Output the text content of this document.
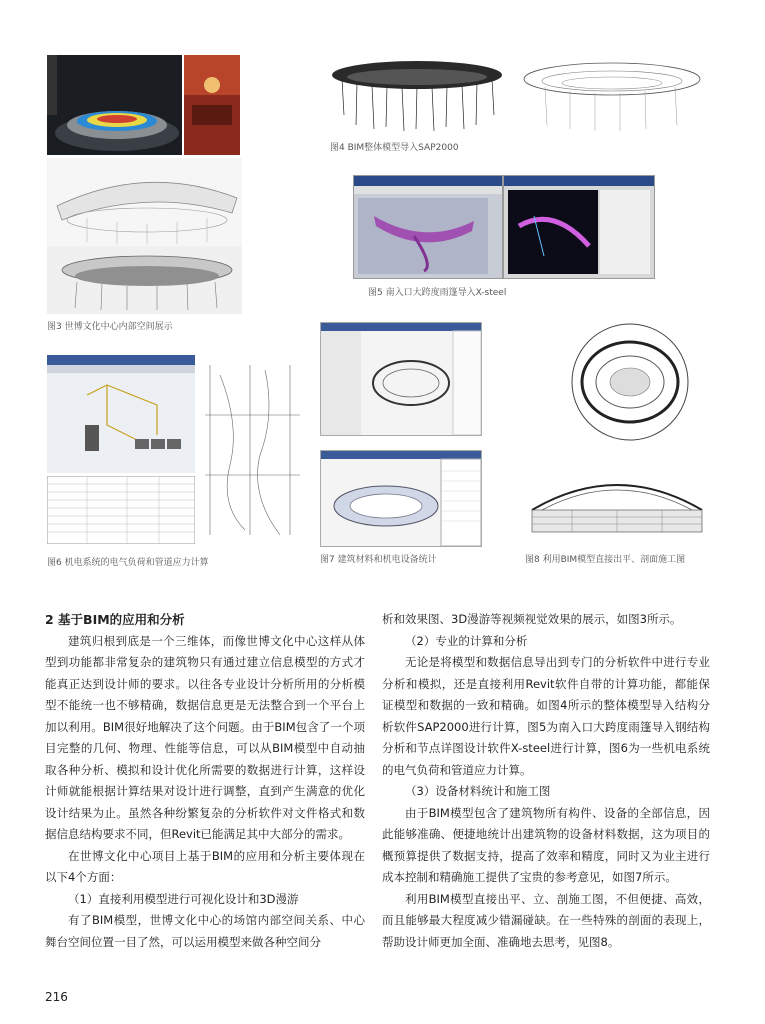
图3 世博文化中心内部空间展示
图4 BIM整体模型导入SAP2000
图5 南入口大跨度雨篷导入X-steel
图6 机电系统的电气负荷和管道应力计算	图7 建筑材料和机电设备统计	图8 利用BIM模型直接出平、剖面施工图

2 基于BIM的应用和分析

建筑归根到底是一个三维体，而像世博文化中心这样从体型到功能都非常复杂的建筑物只有通过建立信息模型的方式才能真正达到设计师的要求。以往各专业设计分析所用的分析模型不能统一也不够精确，数据信息更是无法整合到一个平台上加以利用。BIM很好地解决了这个问题。由于BIM包含了一个项目完整的几何、物理、性能等信息，可以从BIM模型中自动抽取各种分析、模拟和设计优化所需要的数据进行计算，这样设计师就能根据计算结果对设计进行调整，直到产生满意的优化设计结果为止。虽然各种纷繁复杂的分析软件对文件格式和数据信息结构要求不同，但Revit已能满足其中大部分的需求。

在世博文化中心项目上基于BIM的应用和分析主要体现在以下4个方面：

（1）直接利用模型进行可视化设计和3D漫游

有了BIM模型，世博文化中心的场馆内部空间关系、中心舞台空间位置一目了然，可以运用模型来做各种空间分

析和效果图、3D漫游等视频视觉效果的展示，如图3所示。

（2）专业的计算和分析

无论是将模型和数据信息导出到专门的分析软件中进行专业分析和模拟，还是直接利用Revit软件自带的计算功能，都能保证模型和数据的一致和精确。如图4所示的整体模型导入结构分析软件SAP2000进行计算，图5为南入口大跨度雨篷导入钢结构分析和节点详图设计软件X-steel进行计算，图6为一些机电系统的电气负荷和管道应力计算。

（3）设备材料统计和施工图

由于BIM模型包含了建筑物所有构件、设备的全部信息，因此能够准确、便捷地统计出建筑物的设备材料数据，这为项目的概预算提供了数据支持，提高了效率和精度，同时又为业主进行成本控制和精确施工提供了宝贵的参考意见，如图7所示。

利用BIM模型直接出平、立、剖施工图，不但便捷、高效，而且能够最大程度减少错漏碰缺。在一些特殊的剖面的表现上，帮助设计师更加全面、准确地去思考，见图8。

216
